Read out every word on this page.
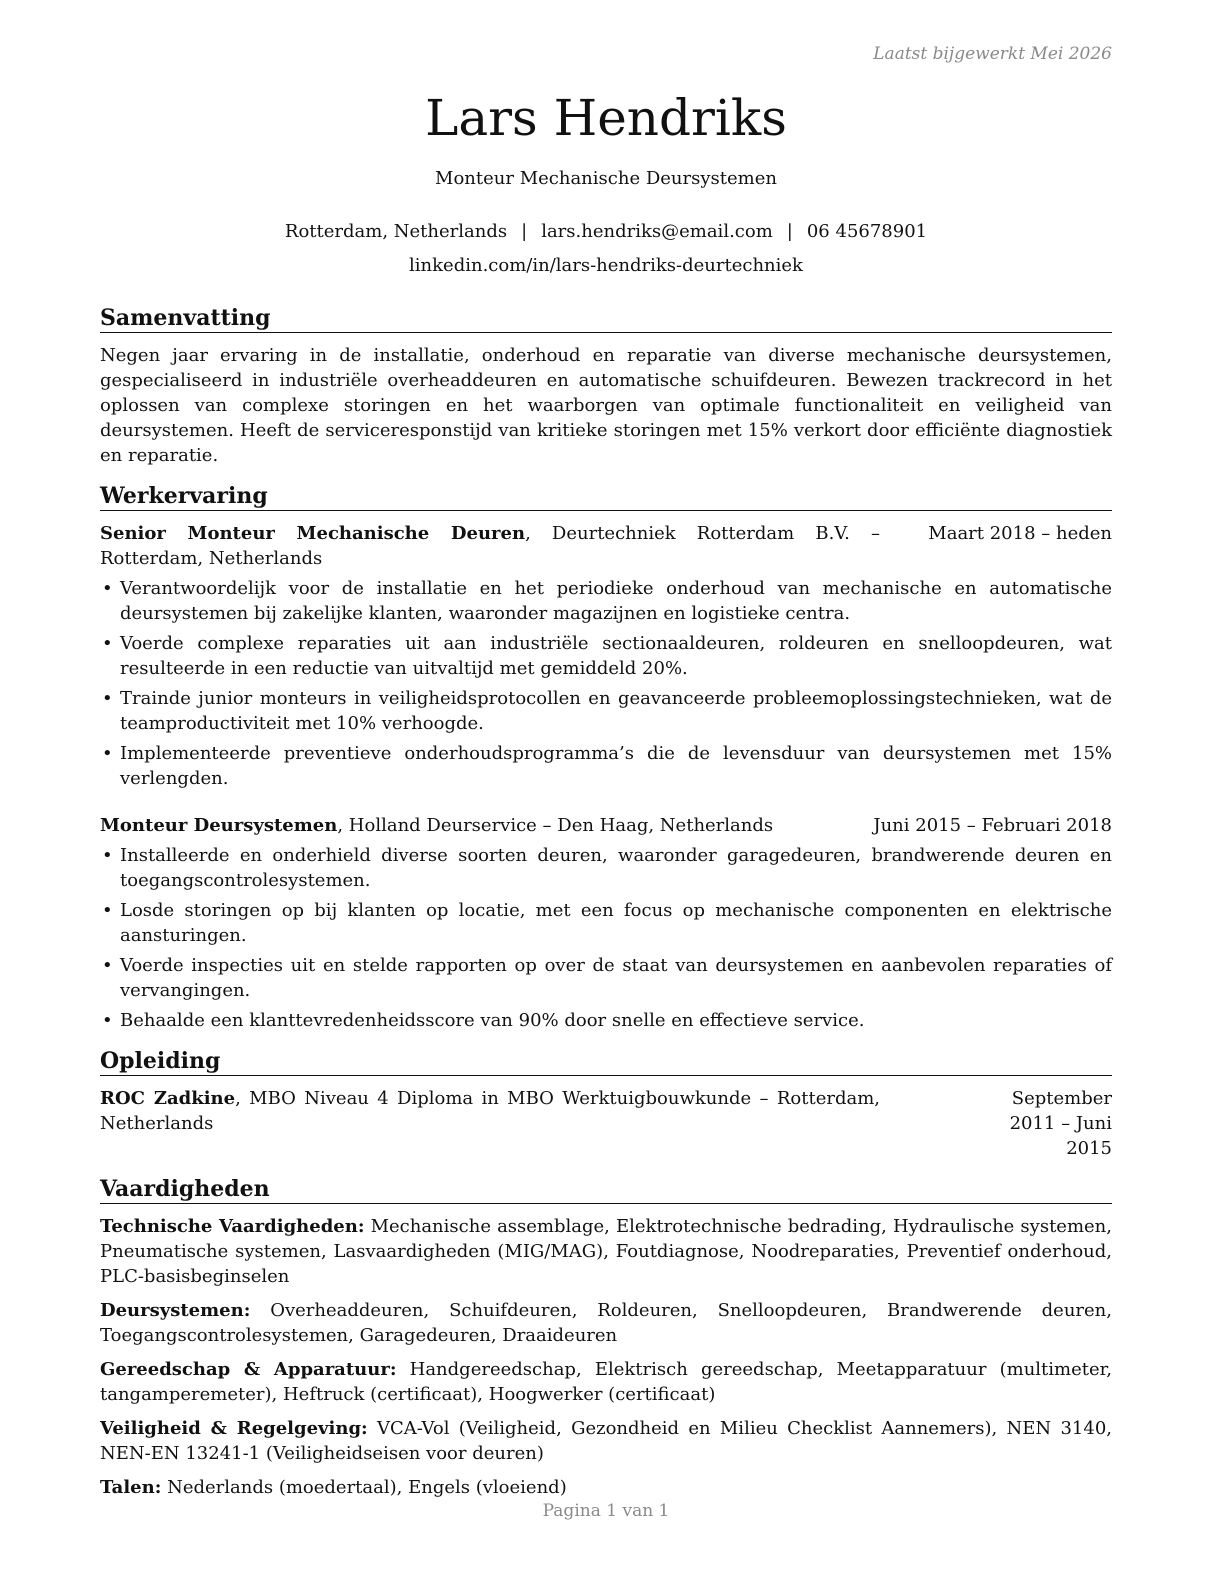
Laatst bijgewerkt Mei 2026
Lars Hendriks
Monteur Mechanische Deursystemen
Rotterdam, Netherlands | lars.hendriks@email.com | 06 45678901
linkedin.com/in/lars-hendriks-deurtechniek
Samenvatting
Negen jaar ervaring in de installatie, onderhoud en reparatie van diverse mechanische deursystemen, gespecialiseerd in industriële overheaddeuren en automatische schuifdeuren. Bewezen trackrecord in het oplossen van complexe storingen en het waarborgen van optimale functionaliteit en veiligheid van deursystemen. Heeft de serviceresponstijd van kritieke storingen met 15% verkort door efficiënte diagnostiek en reparatie.
Werkervaring
Senior Monteur Mechanische Deuren, Deurtechniek Rotterdam B.V. – Rotterdam, Netherlands
Maart 2018 – heden
• Verantwoordelijk voor de installatie en het periodieke onderhoud van mechanische en automatische deursystemen bij zakelijke klanten, waaronder magazijnen en logistieke centra.
• Voerde complexe reparaties uit aan industriële sectionaaldeuren, roldeuren en snelloopdeuren, wat resulteerde in een reductie van uitvaltijd met gemiddeld 20%.
• Trainde junior monteurs in veiligheidsprotocollen en geavanceerde probleemoplossingstechnieken, wat de teamproductiviteit met 10% verhoogde.
• Implementeerde preventieve onderhoudsprogramma’s die de levensduur van deursystemen met 15% verlengden.
Monteur Deursystemen, Holland Deurservice – Den Haag, Netherlands	Juni 2015 – Februari 2018
• Installeerde en onderhield diverse soorten deuren, waaronder garagedeuren, brandwerende deuren en toegangscontrolesystemen.
• Losde storingen op bij klanten op locatie, met een focus op mechanische componenten en elektrische aansturingen.
• Voerde inspecties uit en stelde rapporten op over de staat van deursystemen en aanbevolen reparaties of vervangingen.
• Behaalde een klanttevredenheidsscore van 90% door snelle en effectieve service.
Opleiding
ROC Zadkine, MBO Niveau 4 Diploma in MBO Werktuigbouwkunde – Rotterdam, Netherlands
September 2011 – Juni 2015
Vaardigheden
Technische Vaardigheden: Mechanische assemblage, Elektrotechnische bedrading, Hydraulische systemen, Pneumatische systemen, Lasvaardigheden (MIG/MAG), Foutdiagnose, Noodreparaties, Preventief onderhoud, PLC-basisbeginselen
Deursystemen: Overheaddeuren, Schuifdeuren, Roldeuren, Snelloopdeuren, Brandwerende deuren, Toegangscontrolesystemen, Garagedeuren, Draaideuren
Gereedschap & Apparatuur: Handgereedschap, Elektrisch gereedschap, Meetapparatuur (multimeter, tangamperemeter), Heftruck (certificaat), Hoogwerker (certificaat)
Veiligheid & Regelgeving: VCA-Vol (Veiligheid, Gezondheid en Milieu Checklist Aannemers), NEN 3140, NEN-EN 13241-1 (Veiligheidseisen voor deuren)
Talen: Nederlands (moedertaal), Engels (vloeiend)
Pagina 1 van 1
